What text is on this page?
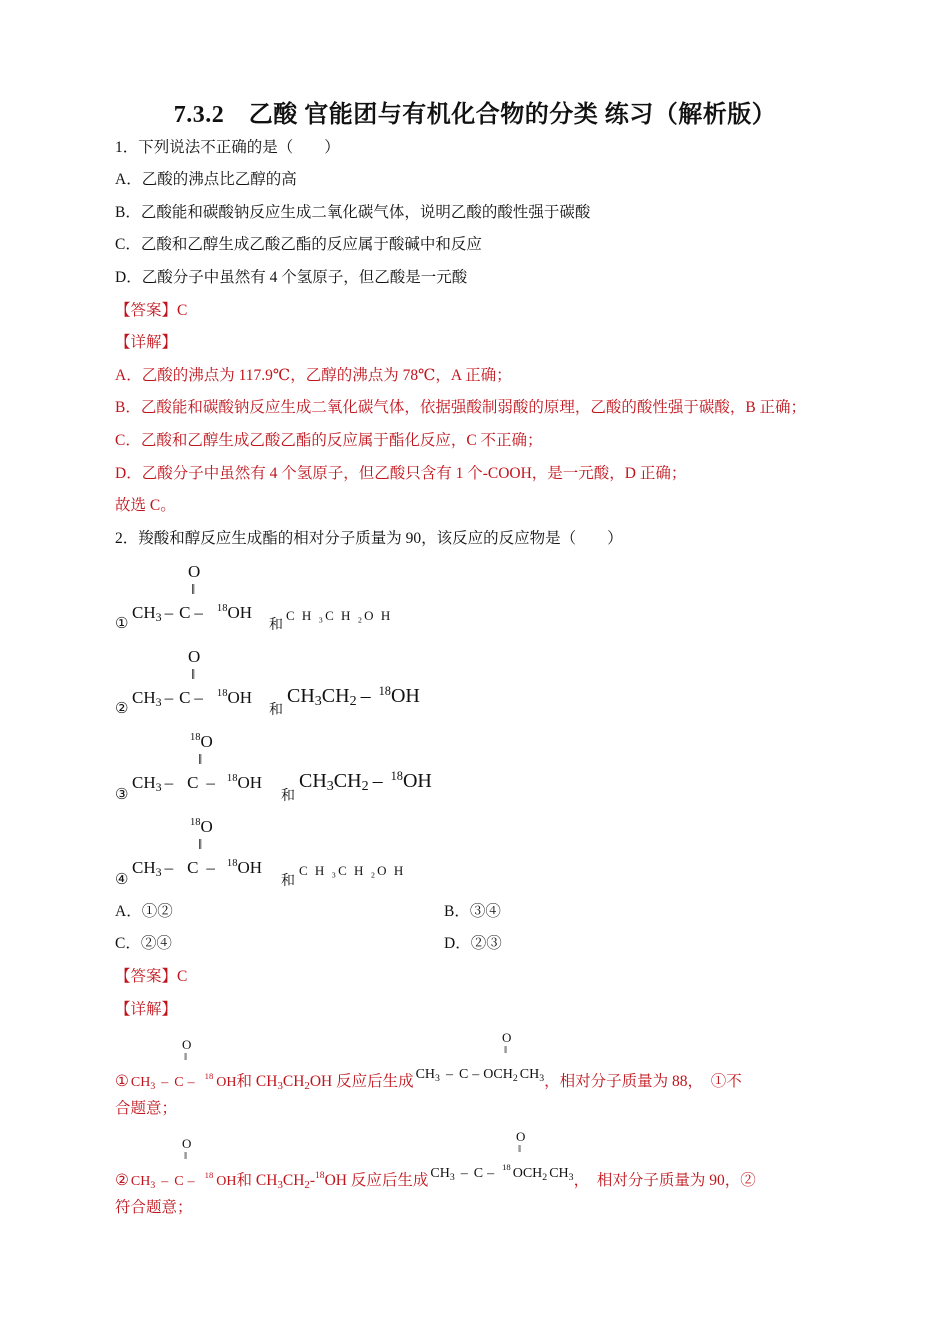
7.3.2　乙酸 官能团与有机化合物的分类 练习（解析版）
1．下列说法不正确的是（　　）
A．乙酸的沸点比乙醇的高
B．乙酸能和碳酸钠反应生成二氧化碳气体，说明乙酸的酸性强于碳酸
C．乙酸和乙醇生成乙酸乙酯的反应属于酸碱中和反应
D．乙酸分子中虽然有 4 个氢原子，但乙酸是一元酸
【答案】C
【详解】
A．乙酸的沸点为 117.9℃，乙醇的沸点为 78℃，A 正确；
B．乙酸能和碳酸钠反应生成二氧化碳气体，依据强酸制弱酸的原理，乙酸的酸性强于碳酸，B 正确；
C．乙酸和乙醇生成乙酸乙酯的反应属于酯化反应，C 不正确；
D．乙酸分子中虽然有 4 个氢原子，但乙酸只含有 1 个-COOH，是一元酸，D 正确；
故选 C。
2．羧酸和醇反应生成酯的相对分子质量为 90，该反应的反应物是（　　）
O
‖
①
$CH_3$ – C – $^{18}$OH
和
C H ₃C H ₂O H
O
‖
②
$CH_3$ – C – $^{18}$OH
和
$CH_3CH_2 - ^{18}OH$
$^{18}$O
‖
③
$CH_3$ – C – $^{18}$OH
和
$CH_3CH_2 - ^{18}OH$
$^{18}$O
‖
④
$CH_3$ – C – $^{18}$OH
和
C H ₃C H ₂O H
A．①②	B．③④
C．②④	D．②③
【答案】C
【详解】
O
‖
O
‖
① $CH_3$ – C – $^{18}$ OH和 $CH_3CH_2OH$ 反应后生成 $CH_3$ – C – $OCH_2$ $CH_3$，相对分子质量为 88，　①不
合题意；
O
‖
O
‖
② $CH_3$ – C – $^{18}$ OH和 $CH_3CH_2-^{18}OH$ 反应后生成 $CH_3$ – C – $^{18}$ $OCH_2$ $CH_3$，　相对分子质量为 90，②
符合题意；
